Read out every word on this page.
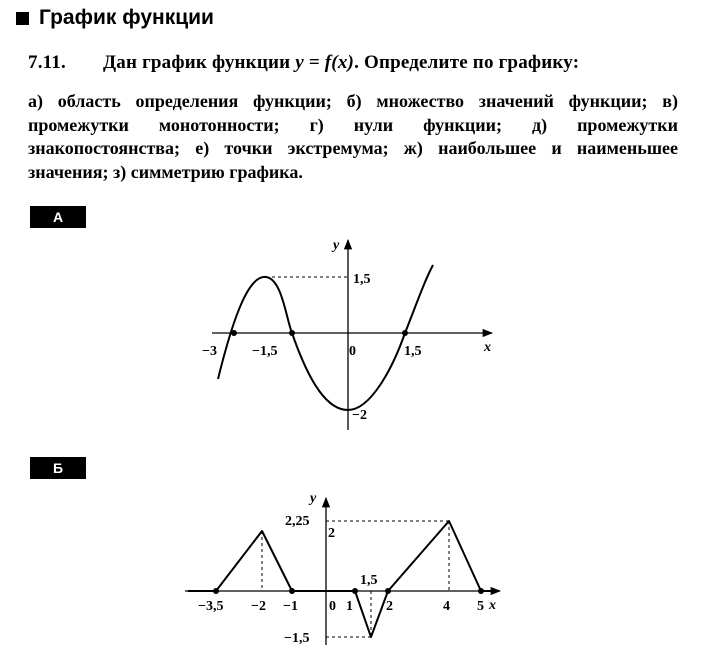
График функции
7.11. Дан график функции y = f(x). Определите по графику:
а) область определения функции; б) множество значений функции; в) промежутки монотонности; г) нули функции; д) промежутки знакопостоянства; е) точки экстремума; ж) наибольшее и наименьшее значения; з) симметрию графика.
А
y
x
1,5
−2
−3	−1,5	0	1,5
y
x
2,25
2
1,5
−1,5
−3,5 −2 −1 0 1 2	4 5
Б
